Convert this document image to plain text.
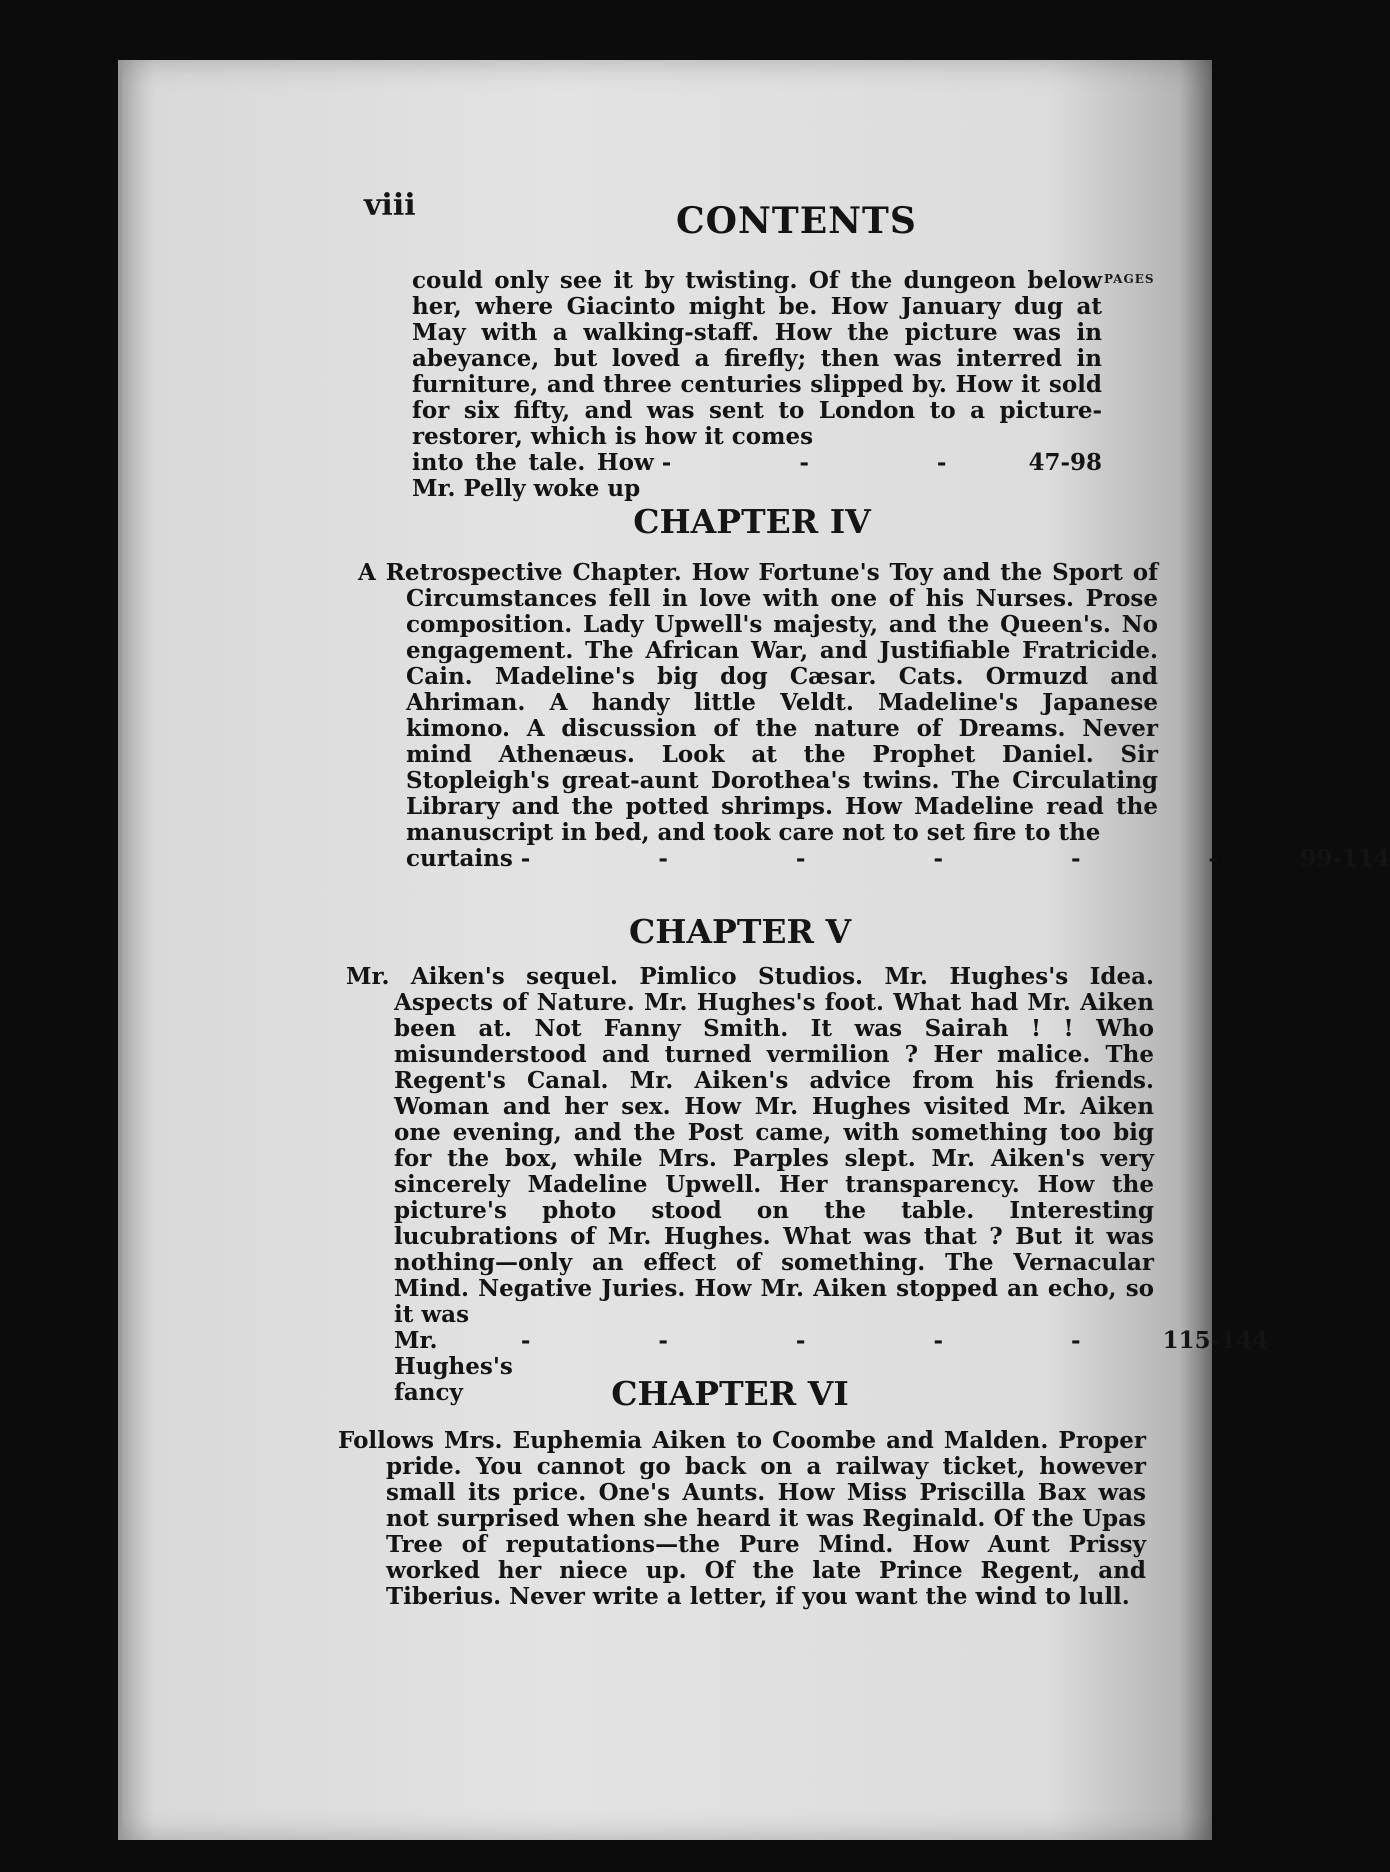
viii	CONTENTS
PAGES
could only see it by twisting. Of the dungeon below her, where Giacinto might be. How January dug at May with a walking-staff. How the picture was in abeyance, but loved a firefly; then was interred in furniture, and three centuries slipped by. How it sold for six fifty, and was sent to London to a picture-restorer, which is how it comes
into the tale. How Mr. Pelly woke up
- - - 47-98
CHAPTER IV
A Retrospective Chapter. How Fortune's Toy and the Sport of Circumstances fell in love with one of his Nurses. Prose composition. Lady Upwell's majesty, and the Queen's. No engagement. The African War, and Justifiable Fratricide. Cain. Madeline's big dog Cæsar. Cats. Ormuzd and Ahriman. A handy little Veldt. Madeline's Japanese kimono. A discussion of the nature of Dreams. Never mind Athenæus. Look at the Prophet Daniel. Sir Stopleigh's great-aunt Dorothea's twins. The Circulating Library and the potted shrimps. How Madeline read the manuscript in bed, and took care not to set fire to the
curtains - - - - - - 99-114
CHAPTER V
Mr. Aiken's sequel. Pimlico Studios. Mr. Hughes's Idea. Aspects of Nature. Mr. Hughes's foot. What had Mr. Aiken been at. Not Fanny Smith. It was Sairah ! ! Who misunderstood and turned vermilion ? Her malice. The Regent's Canal. Mr. Aiken's advice from his friends. Woman and her sex. How Mr. Hughes visited Mr. Aiken one evening, and the Post came, with something too big for the box, while Mrs. Parples slept. Mr. Aiken's very sincerely Madeline Upwell. Her transparency. How the picture's photo stood on the table. Interesting lucubrations of Mr. Hughes. What was that ? But it was nothing—only an effect of something. The Vernacular Mind. Negative Juries. How Mr. Aiken stopped an echo, so it was
Mr. Hughes's fancy
- - - - - 115-144
CHAPTER VI
Follows Mrs. Euphemia Aiken to Coombe and Malden. Proper pride. You cannot go back on a railway ticket, however small its price. One's Aunts. How Miss Priscilla Bax was not surprised when she heard it was Reginald. Of the Upas Tree of reputations—the Pure Mind. How Aunt Prissy worked her niece up. Of the late Prince Regent, and Tiberius. Never write a letter, if you want the wind to lull.
